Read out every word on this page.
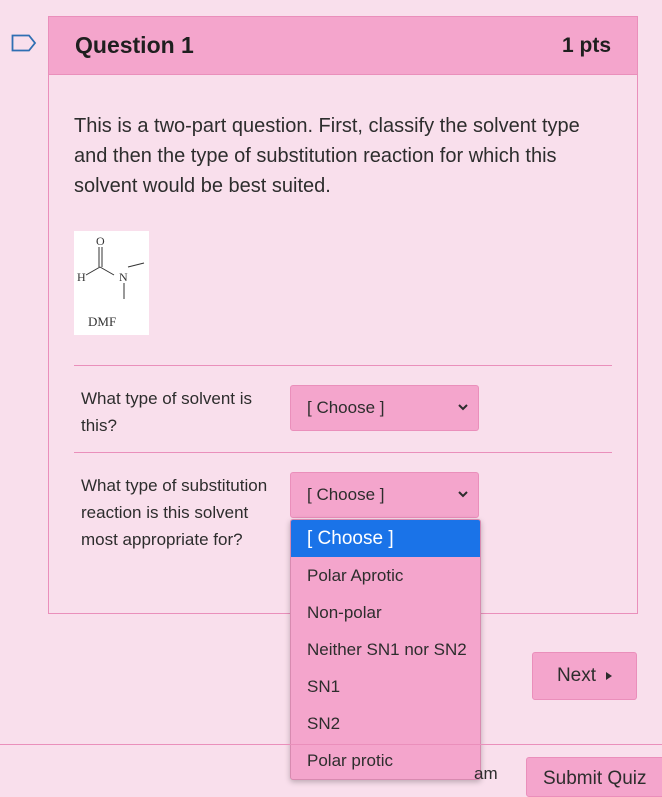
Question 1	1 pts
This is a two-part question. First, classify the solvent type and then the type of substitution reaction for which this solvent would be best suited.
O
H	N
DMF
What type of solvent is this?
[ Choose ]
What type of substitution reaction is this solvent most appropriate for?
[ Choose ]
[ Choose ]
Polar Aprotic
Non-polar
Neither SN1 nor SN2
SN1
SN2
Polar protic
Next
am	Submit Quiz
